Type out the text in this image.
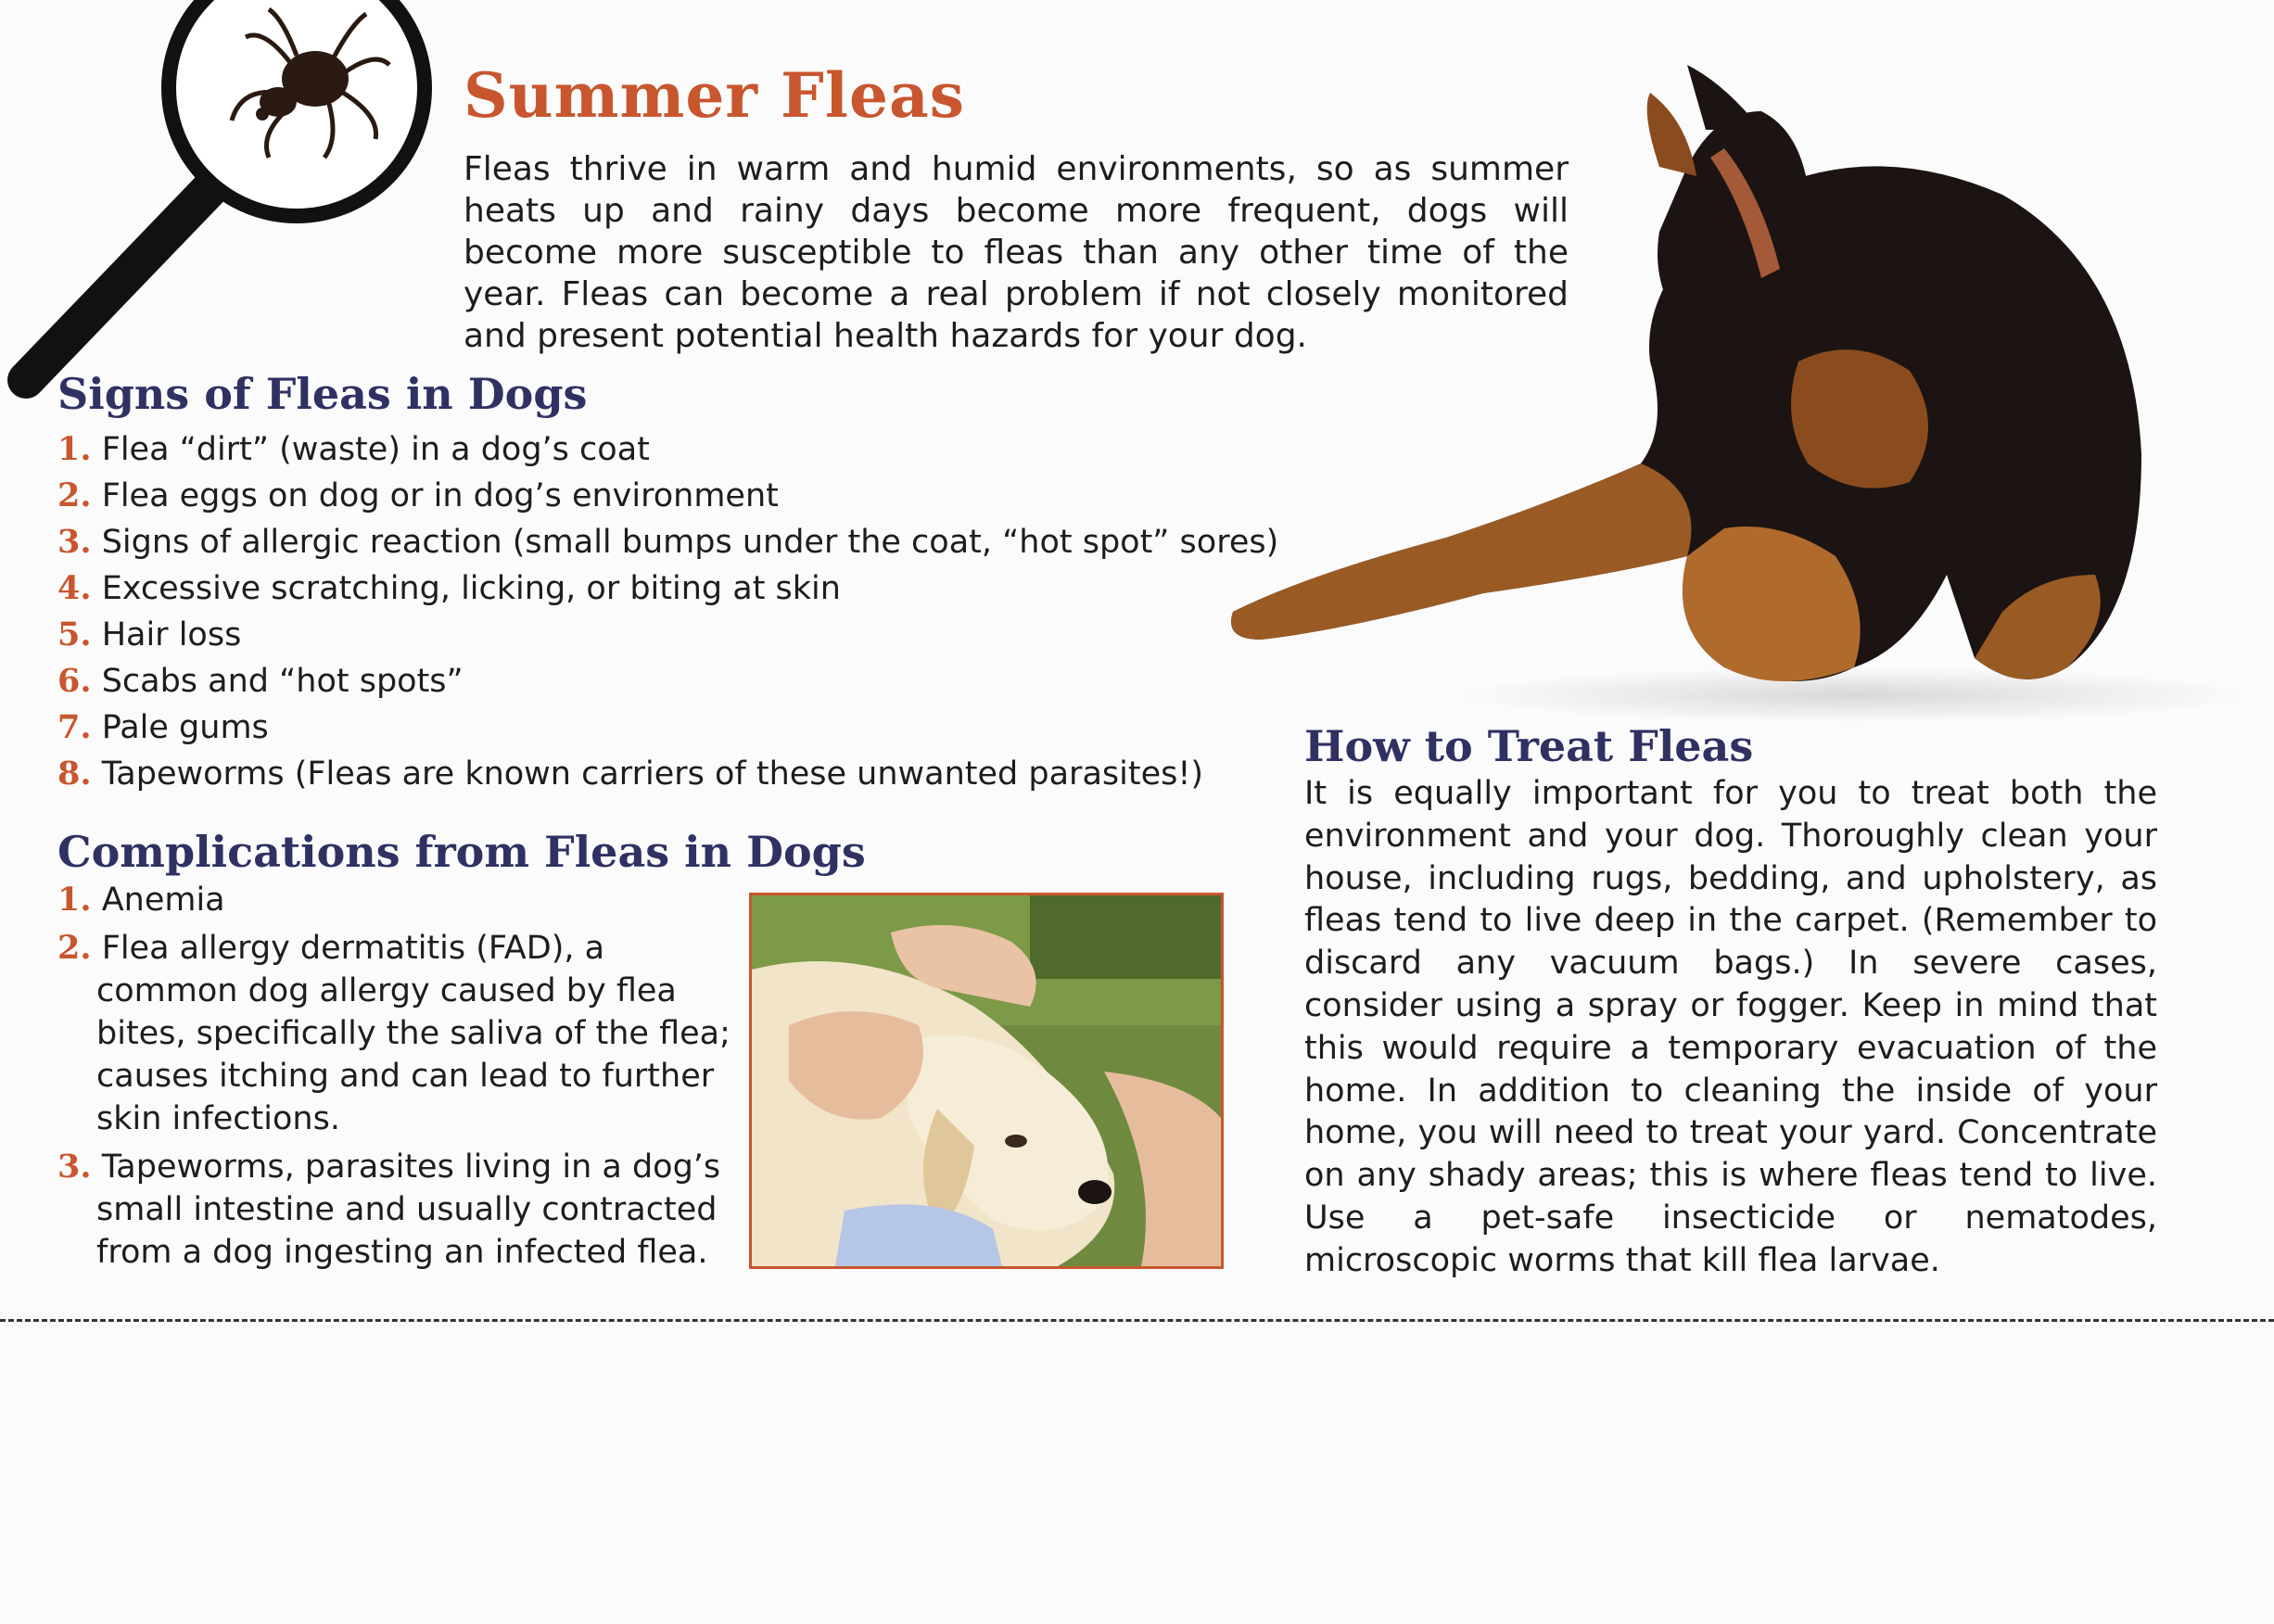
Summer Fleas
Fleas thrive in warm and humid environments, so as summer heats up and rainy days become more frequent, dogs will become more susceptible to fleas than any other time of the year. Fleas can become a real problem if not closely monitored and present potential health hazards for your dog.
Signs of Fleas in Dogs
1. Flea “dirt” (waste) in a dog’s coat
2. Flea eggs on dog or in dog’s environment
3. Signs of allergic reaction (small bumps under the coat, “hot spot” sores)
4. Excessive scratching, licking, or biting at skin
5. Hair loss
6. Scabs and “hot spots”
7. Pale gums
8. Tapeworms (Fleas are known carriers of these unwanted parasites!)
Complications from Fleas in Dogs
1. Anemia
2. Flea allergy dermatitis (FAD), a common dog allergy caused by flea bites, specifically the saliva of the flea; causes itching and can lead to further skin infections.
3. Tapeworms, parasites living in a dog’s small intestine and usually contracted from a dog ingesting an infected flea.
How to Treat Fleas
It is equally important for you to treat both the environment and your dog. Thoroughly clean your house, including rugs, bedding, and upholstery, as fleas tend to live deep in the carpet. (Remember to discard any vacuum bags.) In severe cases, consider using a spray or fogger. Keep in mind that this would require a temporary evacuation of the home. In addition to cleaning the inside of your home, you will need to treat your yard. Concentrate on any shady areas; this is where fleas tend to live. Use a pet-safe insecticide or nematodes, microscopic worms that kill flea larvae.
